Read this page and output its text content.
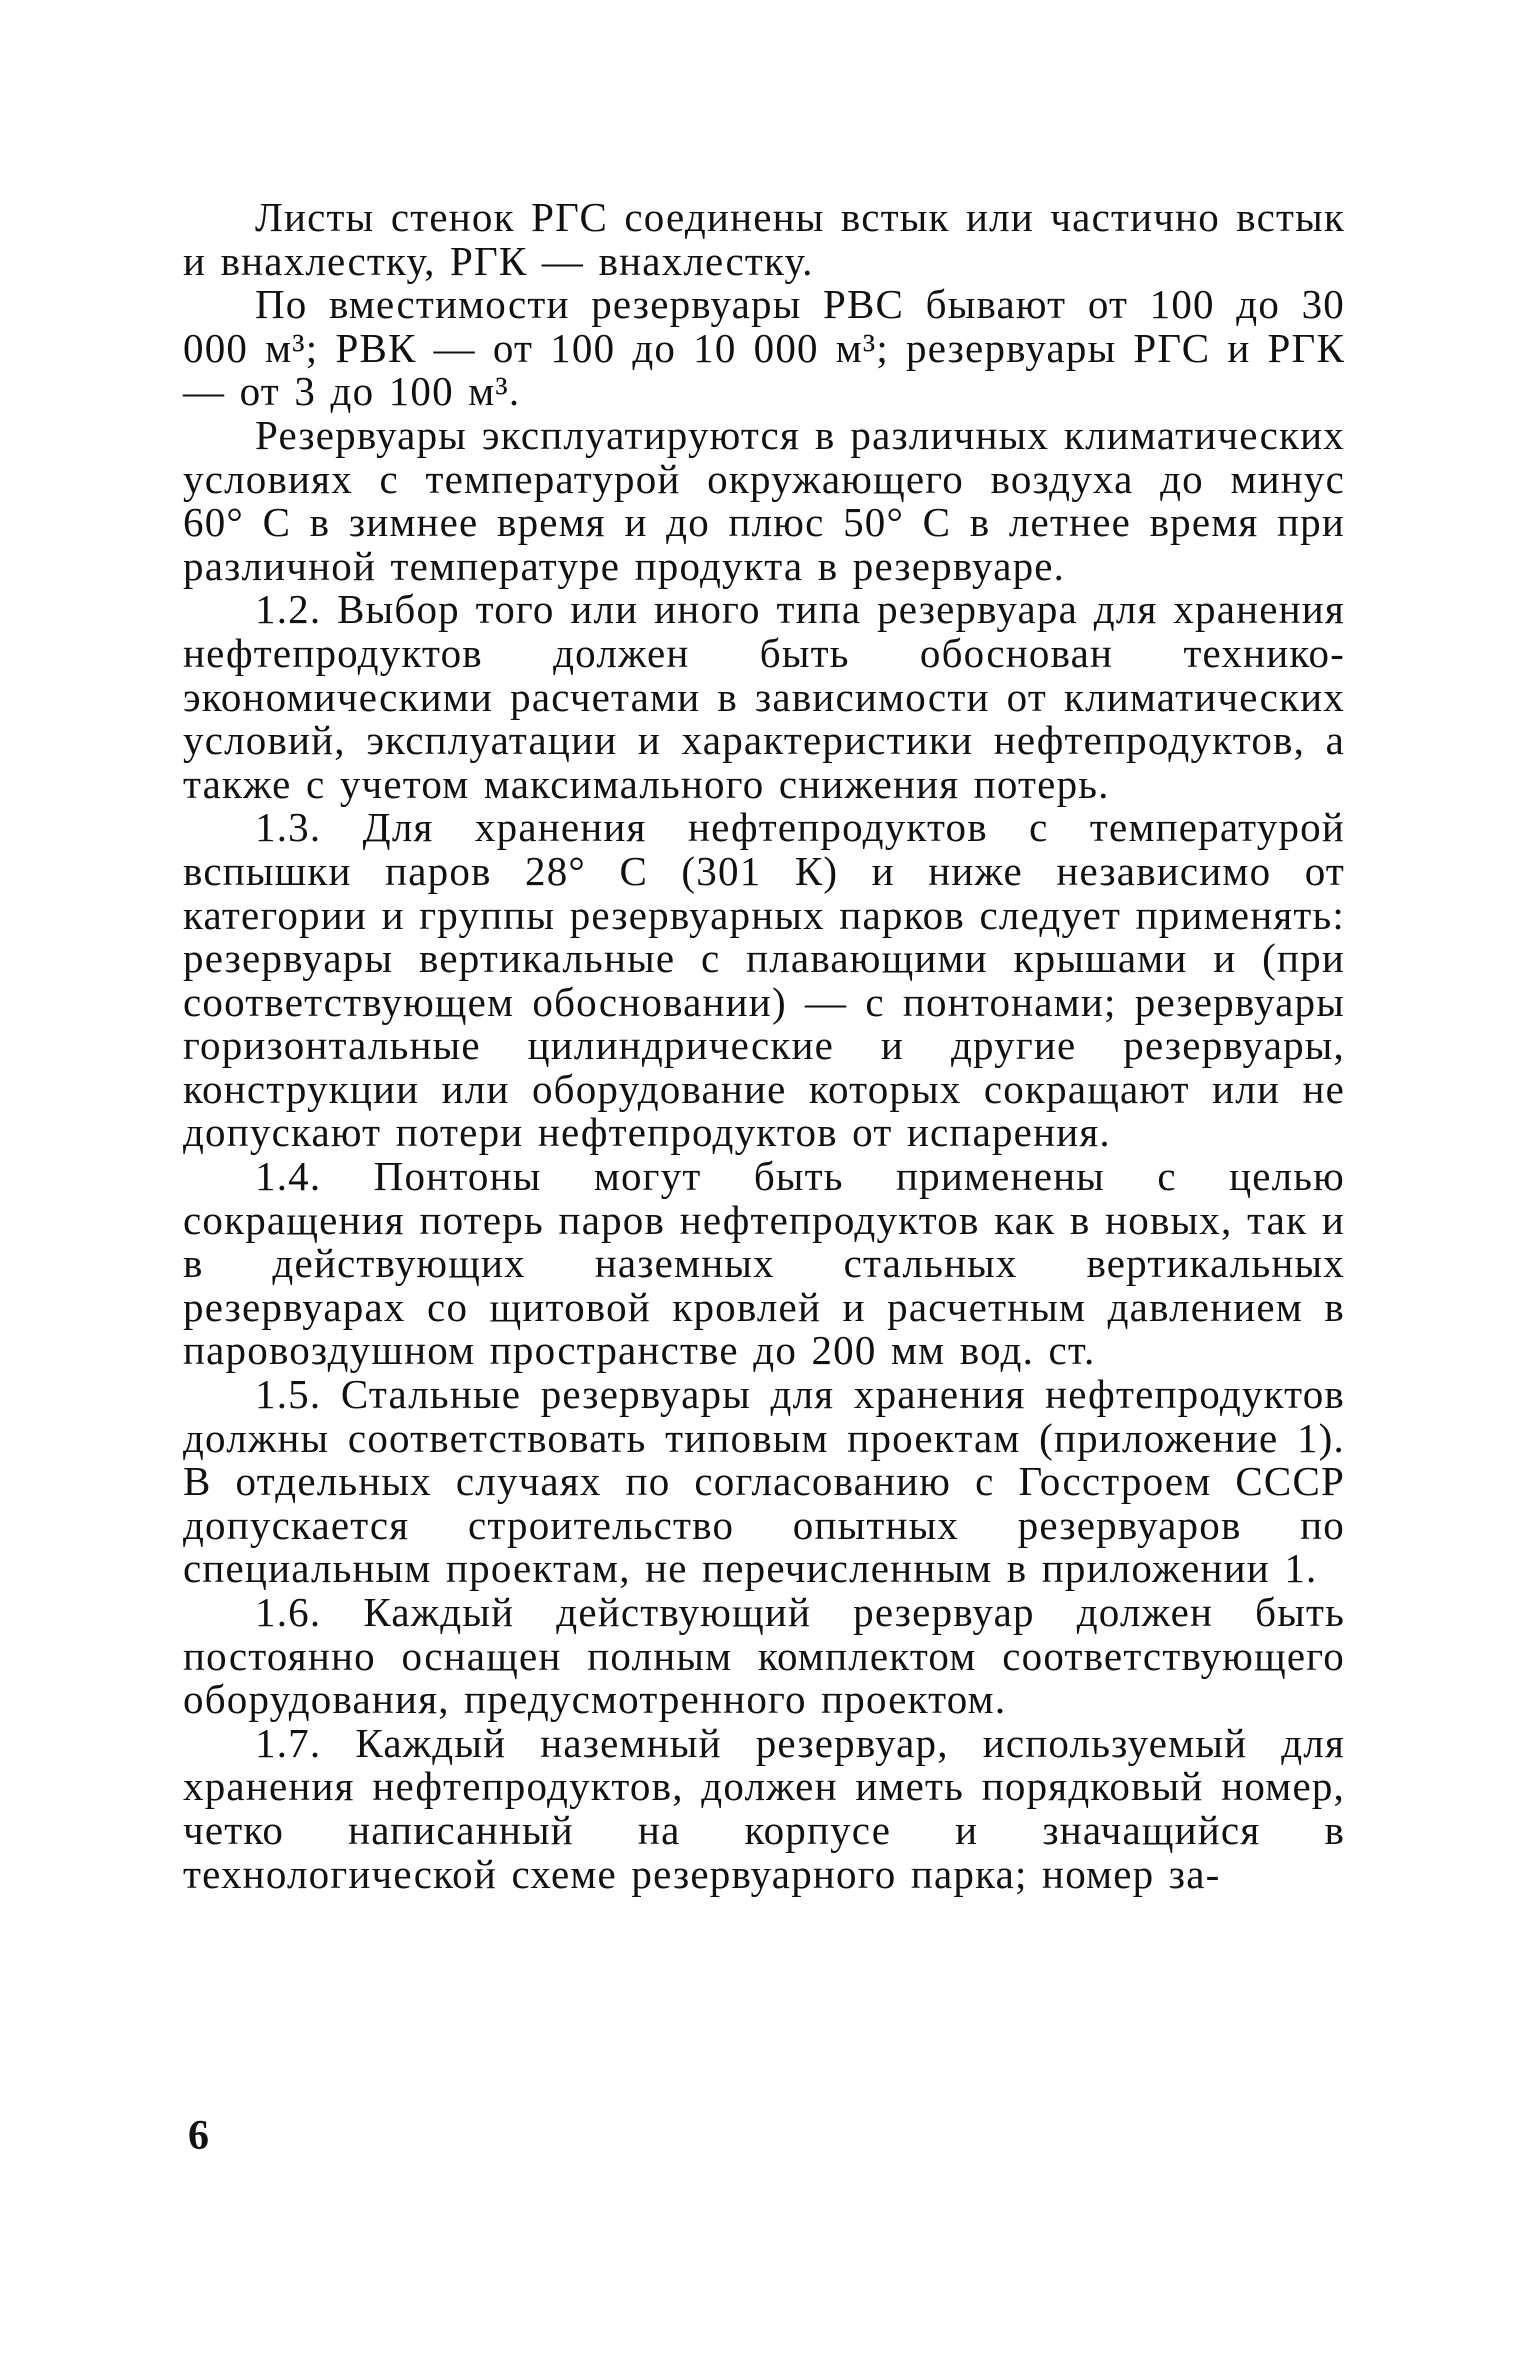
Листы стенок РГС соединены встык или частично встык и внахлестку, РГК — внахлестку.

По вместимости резервуары РВС бывают от 100 до 30 000 м³; РВК — от 100 до 10 000 м³; резервуары РГС и РГК — от 3 до 100 м³.

Резервуары эксплуатируются в различных климатических условиях с температурой окружающего воздуха до минус 60° С в зимнее время и до плюс 50° С в летнее время при различной температуре продукта в резервуаре.

1.2. Выбор того или иного типа резервуара для хранения нефтепродуктов должен быть обоснован технико-экономическими расчетами в зависимости от климатических условий, эксплуатации и характеристики нефтепродуктов, а также с учетом максимального снижения потерь.

1.3. Для хранения нефтепродуктов с температурой вспышки паров 28° С (301 К) и ниже независимо от категории и группы резервуарных парков следует применять: резервуары вертикальные с плавающими крышами и (при соответствующем обосновании) — с понтонами; резервуары горизонтальные цилиндрические и другие резервуары, конструкции или оборудование которых сокращают или не допускают потери нефтепродуктов от испарения.

1.4. Понтоны могут быть применены с целью сокращения потерь паров нефтепродуктов как в новых, так и в действующих наземных стальных вертикальных резервуарах со щитовой кровлей и расчетным давлением в паровоздушном пространстве до 200 мм вод. ст.

1.5. Стальные резервуары для хранения нефтепродуктов должны соответствовать типовым проектам (приложение 1). В отдельных случаях по согласованию с Госстроем СССР допускается строительство опытных резервуаров по специальным проектам, не перечисленным в приложении 1.

1.6. Каждый действующий резервуар должен быть постоянно оснащен полным комплектом соответствующего оборудования, предусмотренного проектом.

1.7. Каждый наземный резервуар, используемый для хранения нефтепродуктов, должен иметь порядковый номер, четко написанный на корпусе и значащийся в технологической схеме резервуарного парка; номер за-

6
